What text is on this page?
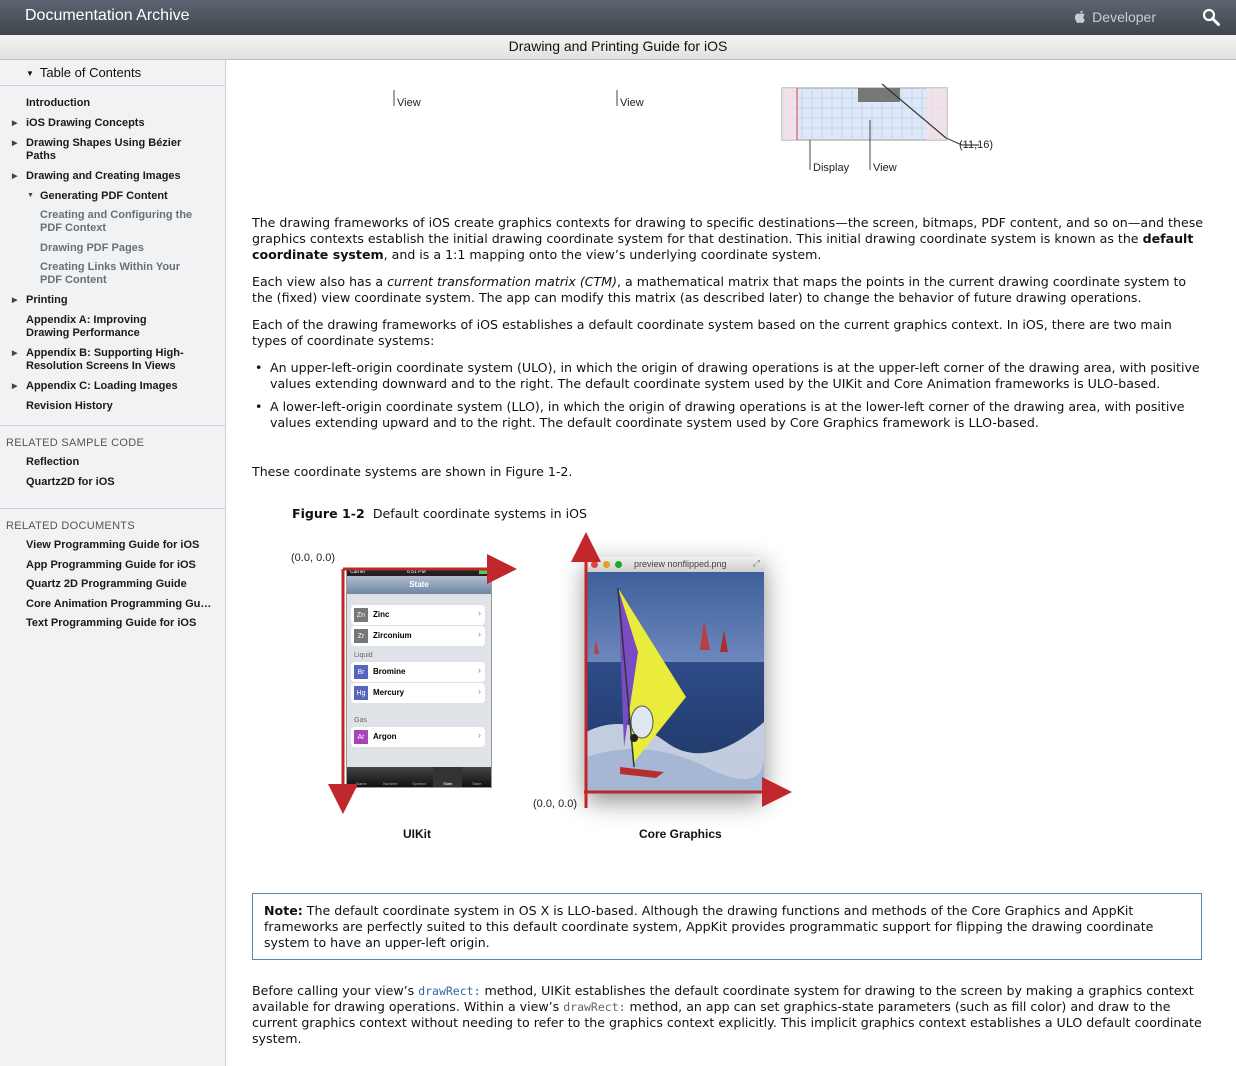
Documentation Archive	Developer
Drawing and Printing Guide for iOS
▼ Table of Contents
Introduction
▶ iOS Drawing Concepts
▶ Drawing Shapes Using Bézier
Paths
▶ Drawing and Creating Images
▼ Generating PDF Content
Creating and Configuring the
PDF Context
Drawing PDF Pages
Creating Links Within Your
PDF Content
▶ Printing
Appendix A: Improving
Drawing Performance
▶ Appendix B: Supporting High-
Resolution Screens In Views
▶ Appendix C: Loading Images
Revision History
RELATED SAMPLE CODE
Reflection
Quartz2D for iOS
RELATED DOCUMENTS
View Programming Guide for iOS
App Programming Guide for iOS
Quartz 2D Programming Guide
Core Animation Programming Gu…
Text Programming Guide for iOS
View	View
Display View
(11,16)

The drawing frameworks of iOS create graphics contexts for drawing to specific destinations—the screen, bitmaps, PDF content, and so on—and these graphics contexts establish the initial drawing coordinate system for that destination. This initial drawing coordinate system is known as the default coordinate system, and is a 1:1 mapping onto the view’s underlying coordinate system.

Each view also has a current transformation matrix (CTM), a mathematical matrix that maps the points in the current drawing coordinate system to the (fixed) view coordinate system. The app can modify this matrix (as described later) to change the behavior of future drawing operations.

Each of the drawing frameworks of iOS establishes a default coordinate system based on the current graphics context. In iOS, there are two main types of coordinate systems:

• An upper-left-origin coordinate system (ULO), in which the origin of drawing operations is at the upper-left corner of the drawing area, with positive values extending downward and to the right. The default coordinate system used by the UIKit and Core Animation frameworks is ULO-based.
• A lower-left-origin coordinate system (LLO), in which the origin of drawing operations is at the lower-left corner of the drawing area, with positive values extending upward and to the right. The default coordinate system used by Core Graphics framework is LLO-based.

These coordinate systems are shown in Figure 1-2.

Figure 1-2 Default coordinate systems in iOS
(0.0, 0.0)
Carrier	6:51 PM
State
Zn Zinc	›
Zr	Zirconium	›
Liquid
Br	Bromine	›
Hg Mercury	›
Gas
Ar	Argon	›
Name	Number	Symbol	State	Table
preview nonflipped.png	⤢
(0.0, 0.0)
UIKit	Core Graphics
Note: The default coordinate system in OS X is LLO-based. Although the drawing functions and methods of the Core Graphics and AppKit frameworks are perfectly suited to this default coordinate system, AppKit provides programmatic support for flipping the drawing coordinate system to have an upper-left origin.

Before calling your view’s drawRect: method, UIKit establishes the default coordinate system for drawing to the screen by making a graphics context available for drawing operations. Within a view’s drawRect: method, an app can set graphics-state parameters (such as fill color) and draw to the current graphics context without needing to refer to the graphics context explicitly. This implicit graphics context establishes a ULO default coordinate system.
